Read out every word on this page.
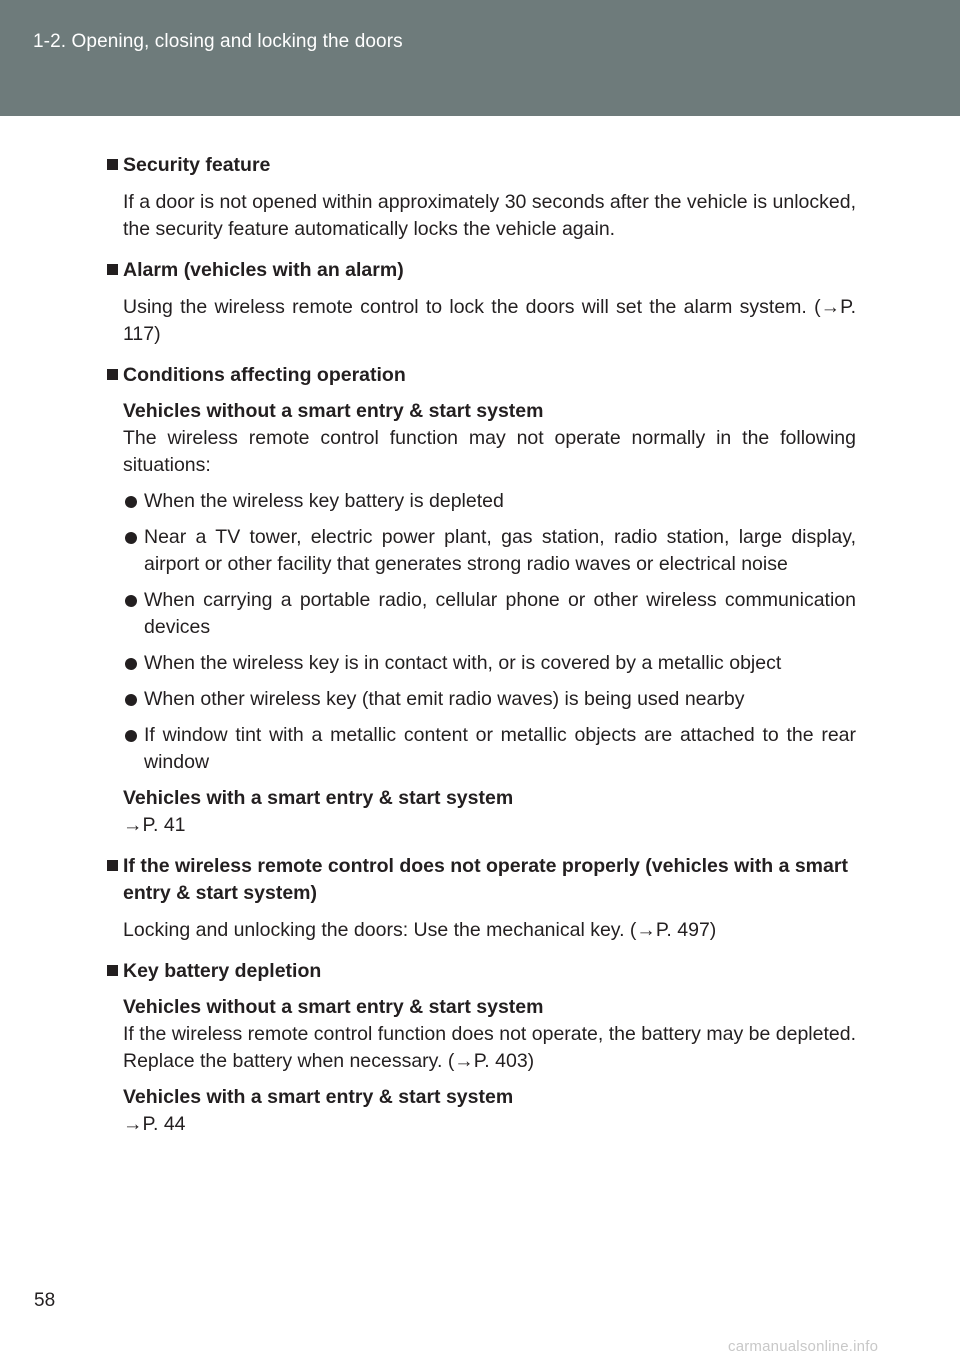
1-2. Opening, closing and locking the doors

Security feature

If a door is not opened within approximately 30 seconds after the vehicle is unlocked, the security feature automatically locks the vehicle again.

Alarm (vehicles with an alarm)

Using the wireless remote control to lock the doors will set the alarm system. (→P. 117)

Conditions affecting operation

Vehicles without a smart entry & start system

The wireless remote control function may not operate normally in the following situations:

When the wireless key battery is depleted
Near a TV tower, electric power plant, gas station, radio station, large display, airport or other facility that generates strong radio waves or electrical noise
When carrying a portable radio, cellular phone or other wireless communication devices
When the wireless key is in contact with, or is covered by a metallic object
When other wireless key (that emit radio waves) is being used nearby
If window tint with a metallic content or metallic objects are attached to the rear window

Vehicles with a smart entry & start system

→P. 41

If the wireless remote control does not operate properly (vehicles with a smart entry & start system)

Locking and unlocking the doors: Use the mechanical key. (→P. 497)

Key battery depletion

Vehicles without a smart entry & start system

If the wireless remote control function does not operate, the battery may be depleted. Replace the battery when necessary. (→P. 403)

Vehicles with a smart entry & start system

→P. 44

58
carmanualsonline.info
